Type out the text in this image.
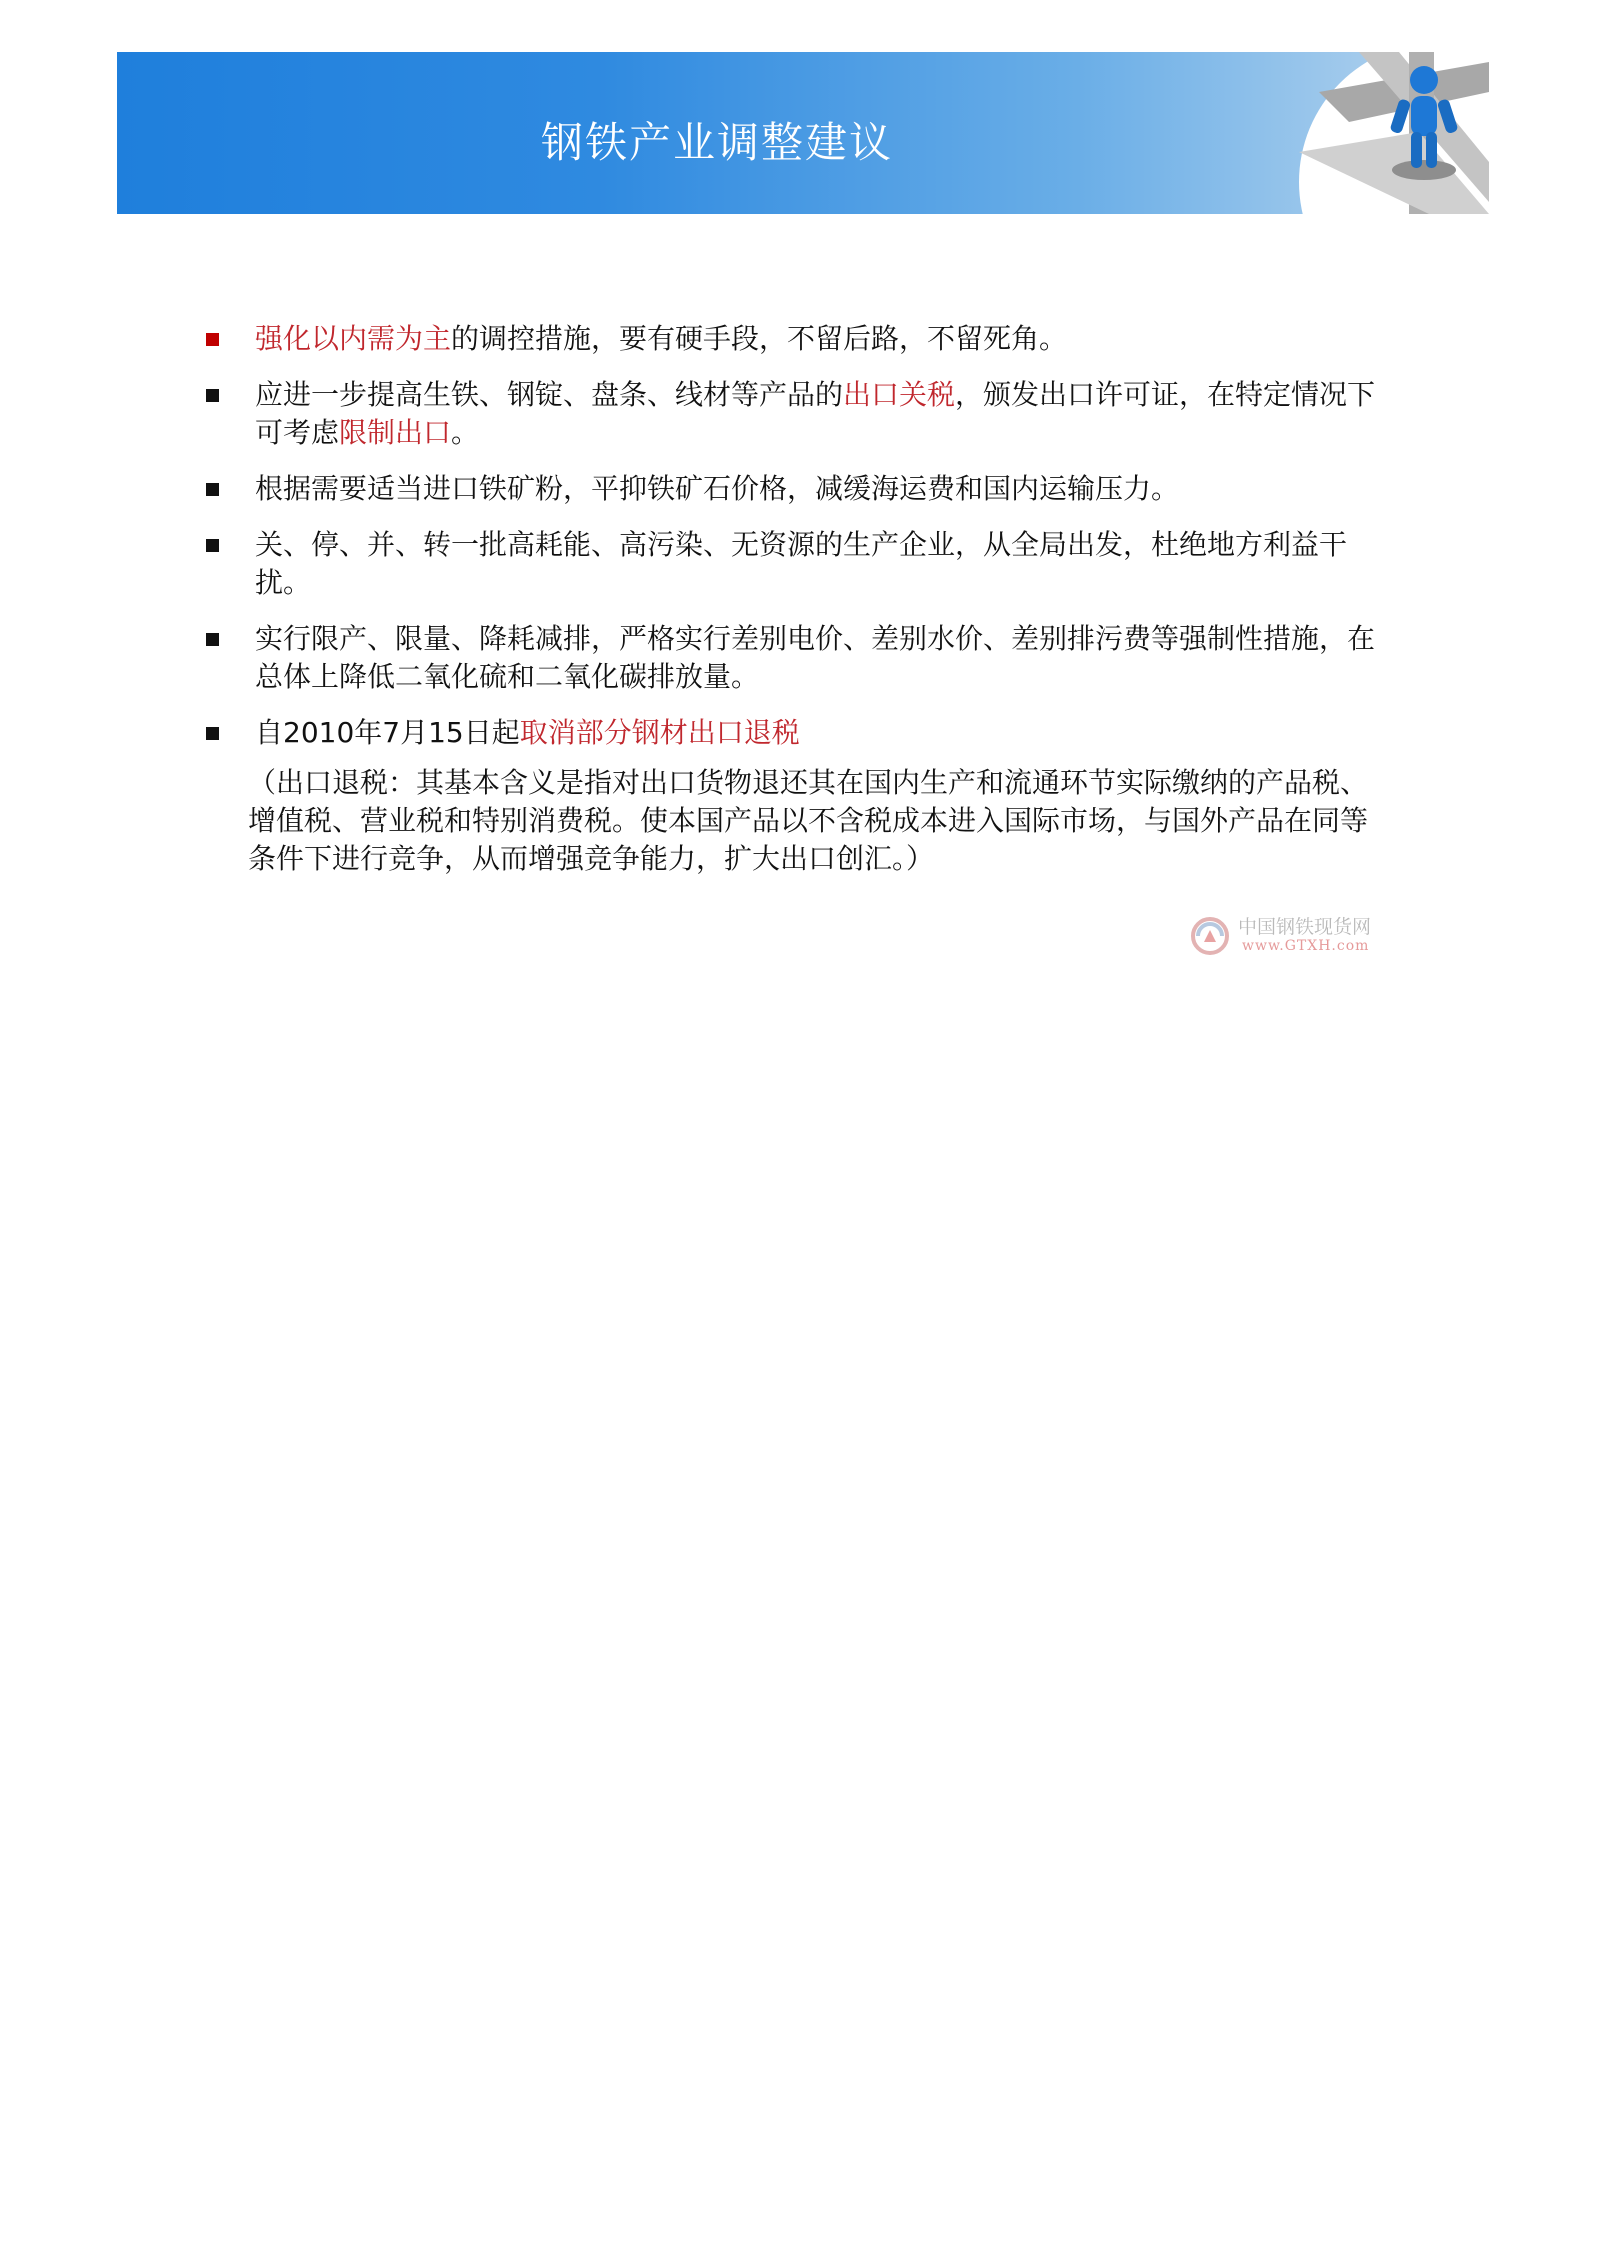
钢铁产业调整建议
强化以内需为主的调控措施，要有硬手段，不留后路，不留死角。
应进一步提高生铁、钢锭、盘条、线材等产品的出口关税，颁发出口许可证，在特定情况下可考虑限制出口。
根据需要适当进口铁矿粉，平抑铁矿石价格，减缓海运费和国内运输压力。
关、停、并、转一批高耗能、高污染、无资源的生产企业，从全局出发，杜绝地方利益干扰。
实行限产、限量、降耗减排，严格实行差别电价、差别水价、差别排污费等强制性措施，在总体上降低二氧化硫和二氧化碳排放量。
自2010年7月15日起取消部分钢材出口退税
（出口退税：其基本含义是指对出口货物退还其在国内生产和流通环节实际缴纳的产品税、增值税、营业税和特别消费税。使本国产品以不含税成本进入国际市场，与国外产品在同等条件下进行竞争，从而增强竞争能力，扩大出口创汇。）
中国钢铁现货网
www.GTXH.com
